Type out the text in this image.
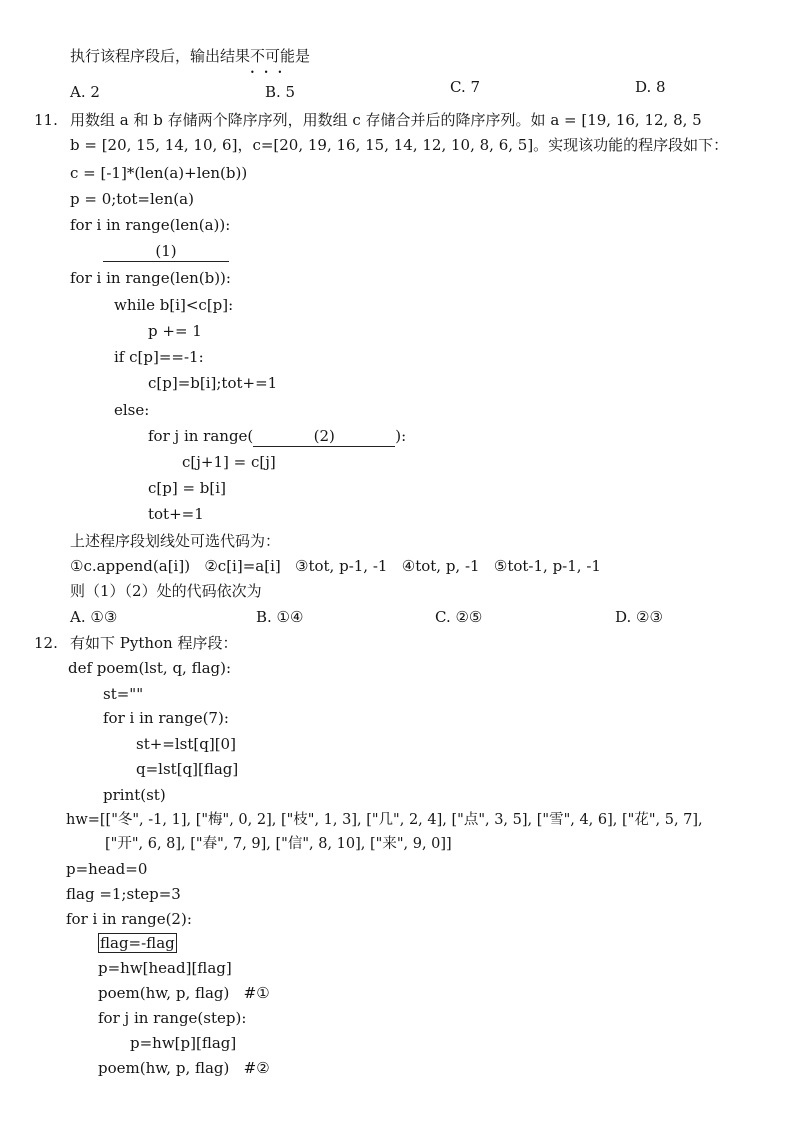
执行该程序段后，输出结果不可能
•••
是
A. 2	B. 5	C. 7	D. 8
11. 用数组 a 和 b 存储两个降序序列，用数组 c 存储合并后的降序序列。如 a = [19, 16, 12, 8, 5
b = [20, 15, 14, 10, 6]，c=[20, 19, 16, 15, 14, 12, 10, 8, 6, 5]。实现该功能的程序段如下：
c = [-1]*(len(a)+len(b))
p = 0;tot=len(a)
for i in range(len(a)):
(1)
for i in range(len(b)):
while b[i]<c[p]:
p += 1
if c[p]==-1:
c[p]=b[i];tot+=1
else:
for j in range(	(2)	):
c[j+1] = c[j]
c[p] = b[i]
tot+=1
上述程序段划线处可选代码为：
①c.append(a[i])   ②c[i]=a[i]   ③tot, p-1, -1   ④tot, p, -1   ⑤tot-1, p-1, -1
则（1）（2）处的代码依次为
A. ①③	B. ①④	C. ②⑤	D. ②③
12. 有如下 Python 程序段：
def poem(lst, q, flag):
st=""
for i in range(7):
st+=lst[q][0]
q=lst[q][flag]
print(st)
hw=[["冬", -1, 1], ["梅", 0, 2], ["枝", 1, 3], ["几", 2, 4], ["点", 3, 5], ["雪", 4, 6], ["花", 5, 7],
["开", 6, 8], ["春", 7, 9], ["信", 8, 10], ["来", 9, 0]]
p=head=0
flag =1;step=3
for i in range(2):
flag=-flag
p=hw[head][flag]
poem(hw, p, flag)   #①
for j in range(step):
p=hw[p][flag]
poem(hw, p, flag)   #②
